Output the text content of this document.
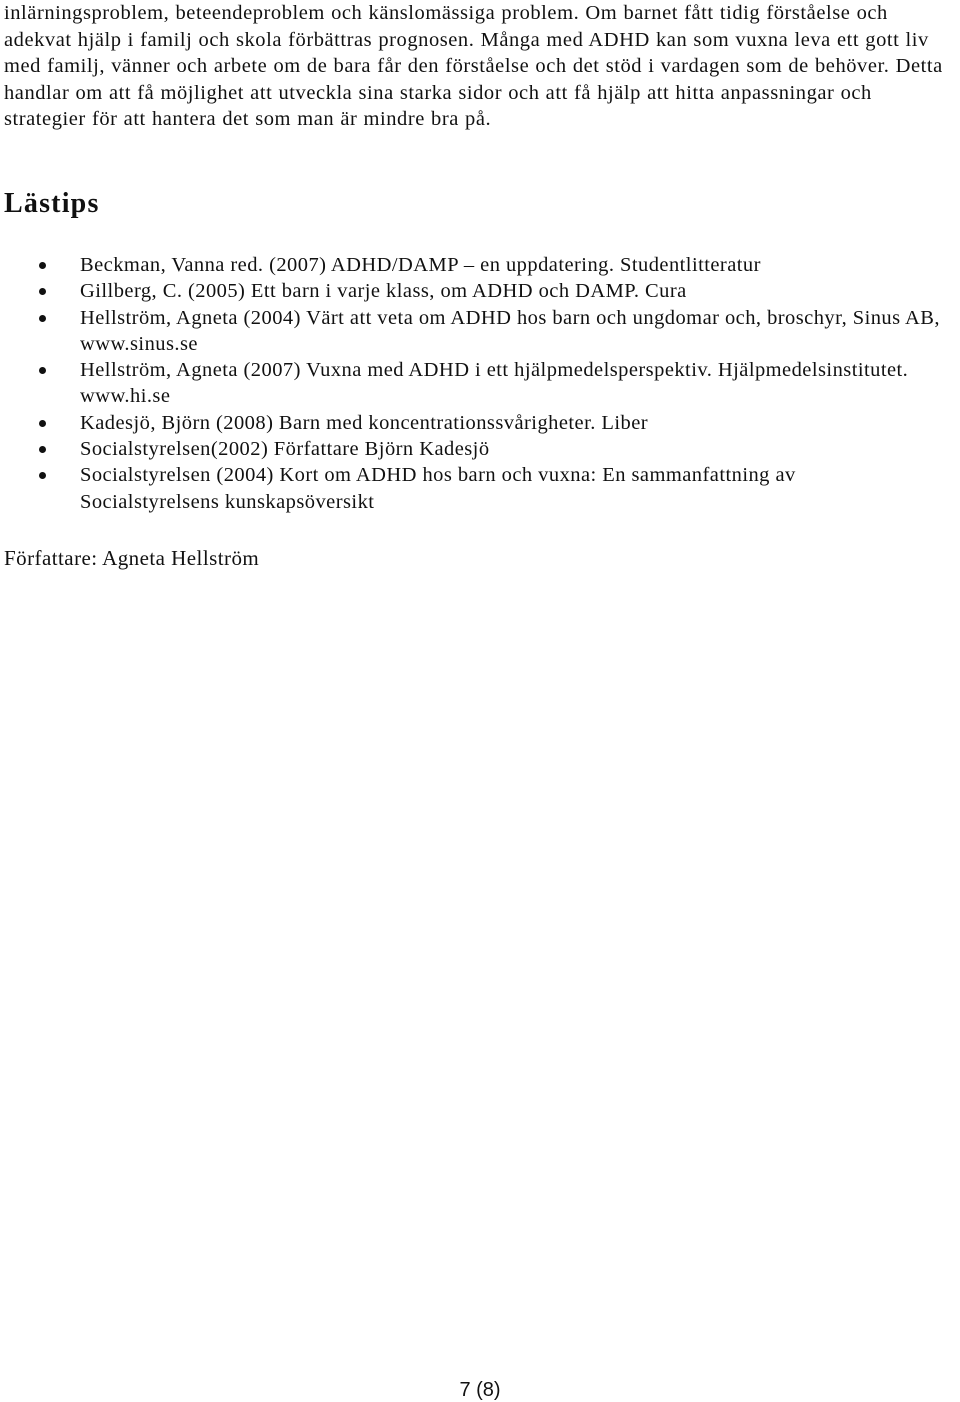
inlärningsproblem, beteendeproblem och känslomässiga problem. Om barnet fått tidig förståelse och adekvat hjälp i familj och skola förbättras prognosen. Många med ADHD kan som vuxna leva ett gott liv med familj, vänner och arbete om de bara får den förståelse och det stöd i vardagen som de behöver. Detta handlar om att få möjlighet att utveckla sina starka sidor och att få hjälp att hitta anpassningar och strategier för att hantera det som man är mindre bra på.

Lästips
Beckman, Vanna red. (2007) ADHD/DAMP – en uppdatering. Studentlitteratur
Gillberg, C. (2005) Ett barn i varje klass, om ADHD och DAMP. Cura
Hellström, Agneta (2004) Värt att veta om ADHD hos barn och ungdomar och, broschyr, Sinus AB, www.sinus.se
Hellström, Agneta (2007) Vuxna med ADHD i ett hjälpmedelsperspektiv. Hjälpmedelsinstitutet. www.hi.se
Kadesjö, Björn (2008) Barn med koncentrationssvårigheter. Liber
Socialstyrelsen(2002) Författare Björn Kadesjö
Socialstyrelsen (2004) Kort om ADHD hos barn och vuxna: En sammanfattning av Socialstyrelsens kunskapsöversikt

Författare: Agneta Hellström

7 (8)
